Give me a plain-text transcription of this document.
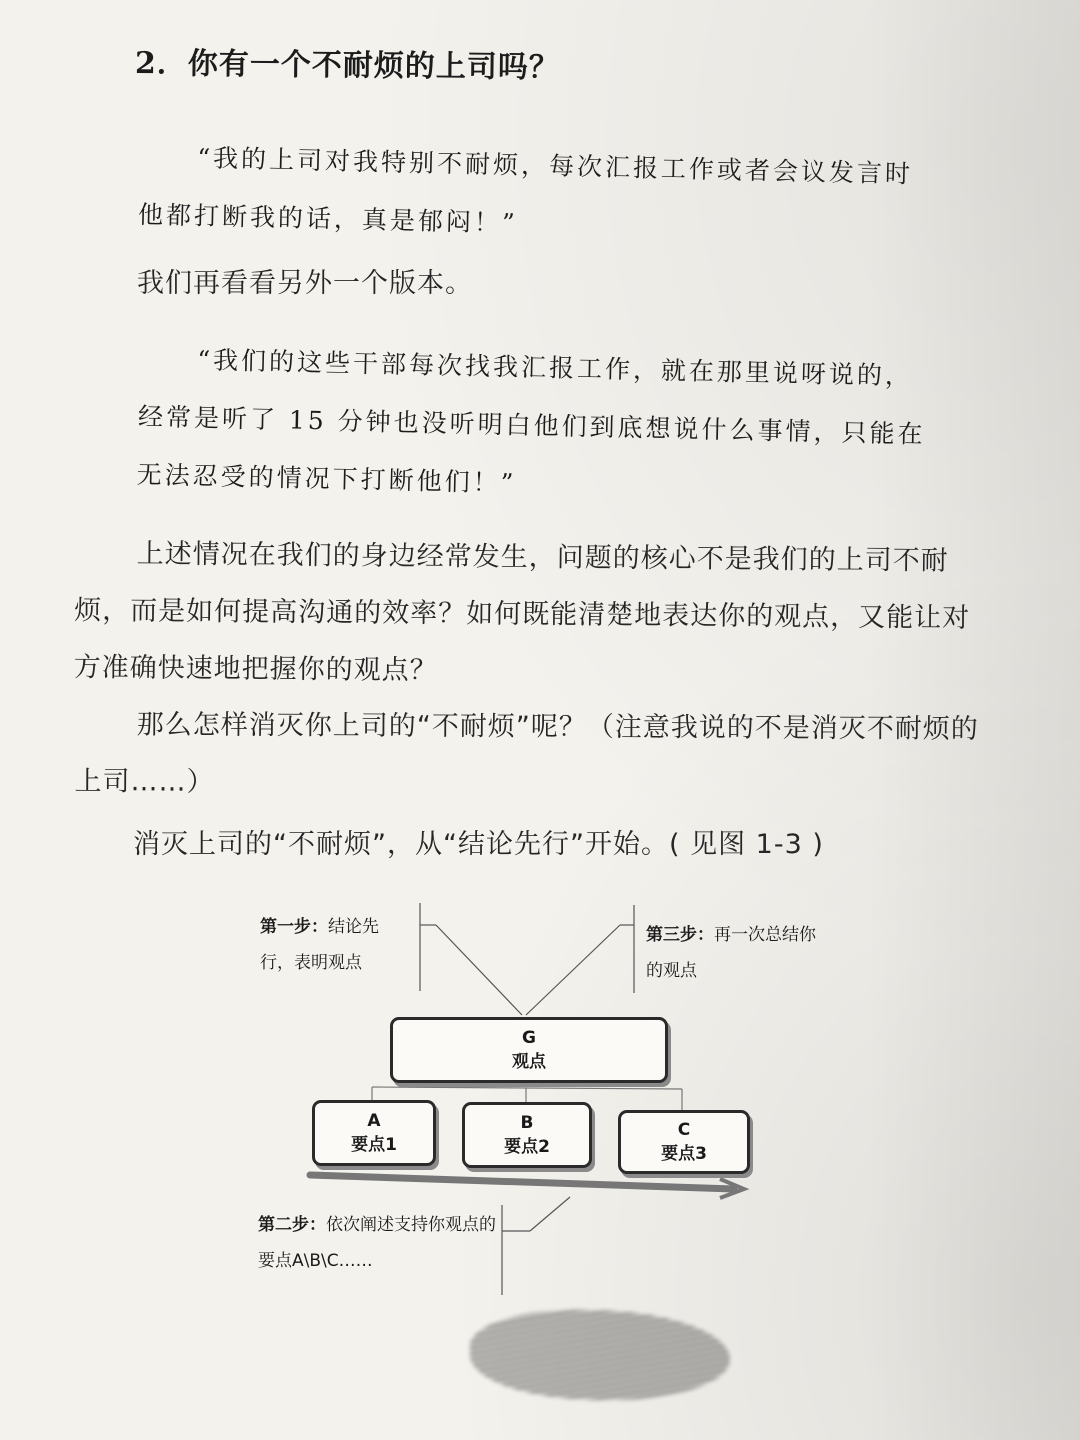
2．你有一个不耐烦的上司吗？

“我的上司对我特别不耐烦，每次汇报工作或者会议发言时他都打断我的话，真是郁闷！”

我们再看看另外一个版本。

“我们的这些干部每次找我汇报工作，就在那里说呀说的，经常是听了 15 分钟也没听明白他们到底想说什么事情，只能在无法忍受的情况下打断他们！”

上述情况在我们的身边经常发生，问题的核心不是我们的上司不耐烦，而是如何提高沟通的效率？如何既能清楚地表达你的观点，又能让对方准确快速地把握你的观点？

那么怎样消灭你上司的“不耐烦”呢？（注意我说的不是消灭不耐烦的上司……）

消灭上司的“不耐烦”，从“结论先行”开始。( 见图 1-3 )

第一步：结论先行，表明观点

第三步：再一次总结你的观点

G
观点
A
要点1
B
要点2
C
要点3

第二步：依次阐述支持你观点的要点A\B\C……
